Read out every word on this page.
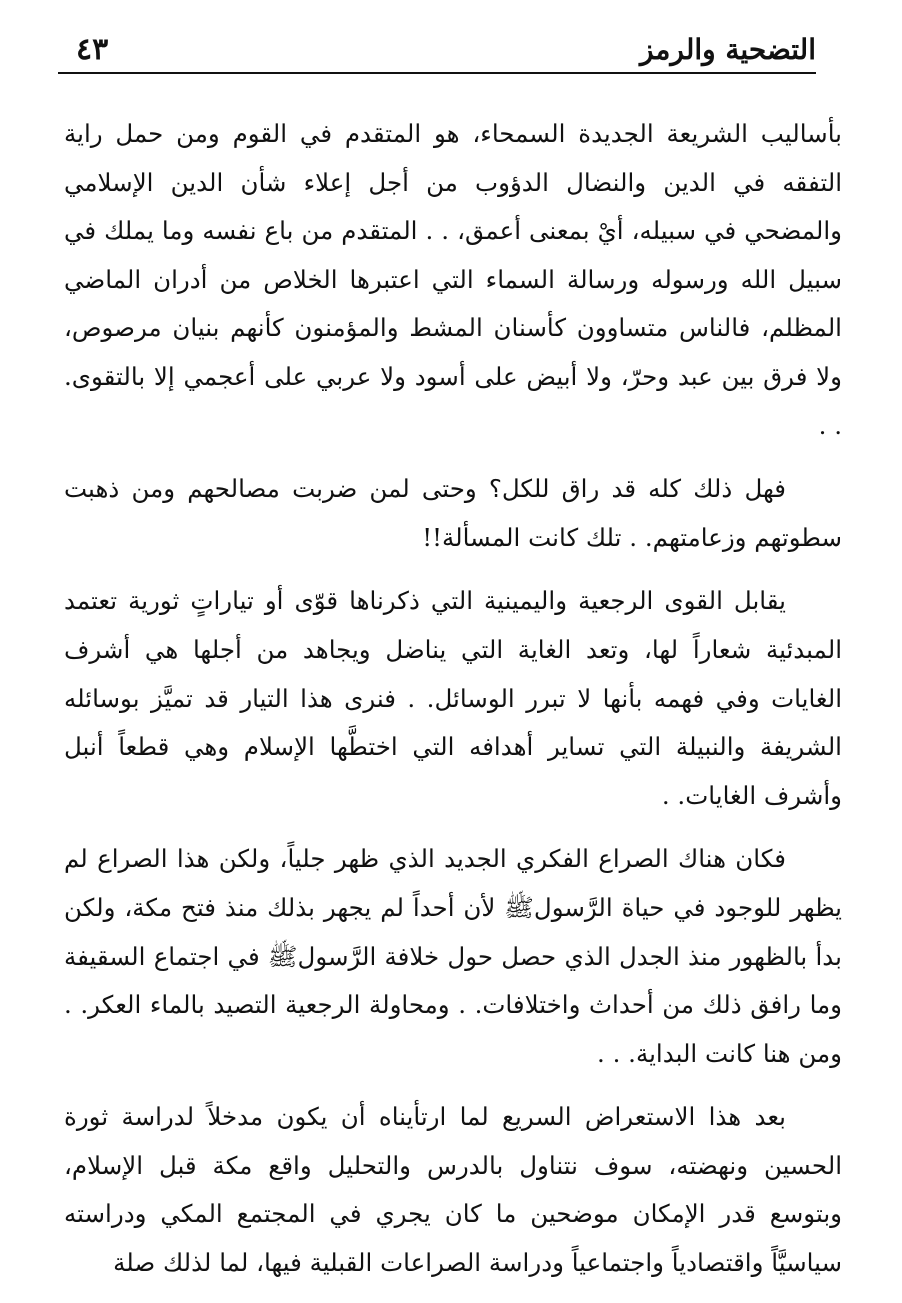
التضحية والرمز
٤٣

بأساليب الشريعة الجديدة السمحاء، هو المتقدم في القوم ومن حمل راية التفقه في الدين والنضال الدؤوب من أجل إعلاء شأن الدين الإسلامي والمضحي في سبيله، أيْ بمعنى أعمق، . . المتقدم من باع نفسه وما يملك في سبيل الله ورسوله ورسالة السماء التي اعتبرها الخلاص من أدران الماضي المظلم، فالناس متساوون كأسنان المشط والمؤمنون كأنهم بنيان مرصوص، ولا فرق بين عبد وحرّ، ولا أبيض على أسود ولا عربي على أعجمي إلا بالتقوى. . .

فهل ذلك كله قد راق للكل؟ وحتى لمن ضربت مصالحهم ومن ذهبت سطوتهم وزعامتهم. . تلك كانت المسألة!!

يقابل القوى الرجعية واليمينية التي ذكرناها قوّى أو تياراتٍ ثورية تعتمد المبدئية شعاراً لها، وتعد الغاية التي يناضل ويجاهد من أجلها هي أشرف الغايات وفي فهمه بأنها لا تبرر الوسائل. . فنرى هذا التيار قد تميَّز بوسائله الشريفة والنبيلة التي تساير أهدافه التي اختطَّها الإسلام وهي قطعاً أنبل وأشرف الغايات. .

فكان هناك الصراع الفكري الجديد الذي ظهر جلياً، ولكن هذا الصراع لم يظهر للوجود في حياة الرَّسولﷺ لأن أحداً لم يجهر بذلك منذ فتح مكة، ولكن بدأ بالظهور منذ الجدل الذي حصل حول خلافة الرَّسولﷺ في اجتماع السقيفة وما رافق ذلك من أحداث واختلافات. . ومحاولة الرجعية التصيد بالماء العكر. . ومن هنا كانت البداية. . .

بعد هذا الاستعراض السريع لما ارتأيناه أن يكون مدخلاً لدراسة ثورة الحسين ونهضته، سوف نتناول بالدرس والتحليل واقع مكة قبل الإسلام، وبتوسع قدر الإمكان موضحين ما كان يجري في المجتمع المكي ودراسته سياسيَّاً واقتصادياً واجتماعياً ودراسة الصراعات القبلية فيها، لما لذلك صلة
